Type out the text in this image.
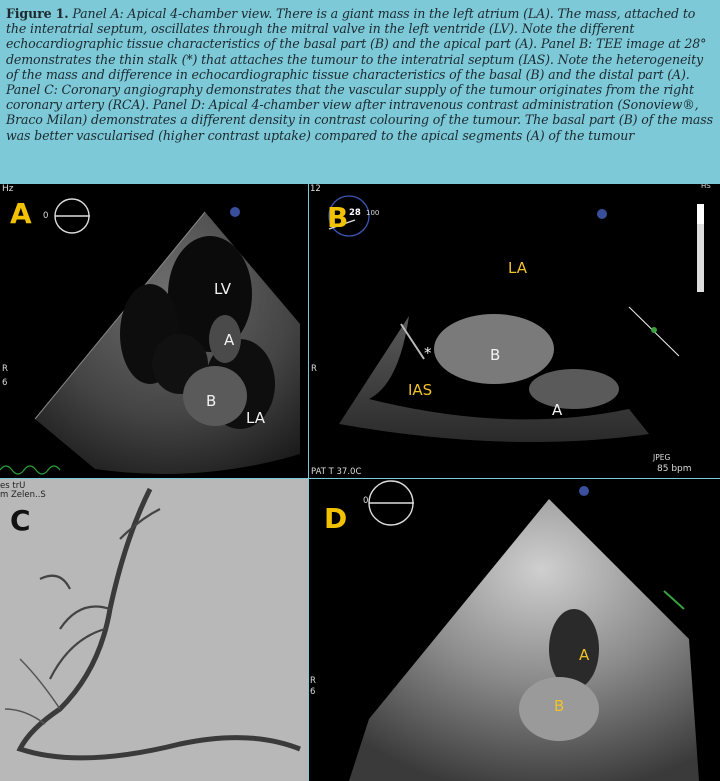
Figure 1. Panel A: Apical 4-chamber view. There is a giant mass in the left atrium (LA). The mass, attached to the interatrial septum, oscillates through the mitral valve in the left ventride (LV). Note the different echocardiographic tissue characteristics of the basal part (B) and the apical part (A). Panel B: TEE image at 28° demonstrates the thin stalk (*) that attaches the tumour to the interatrial septum (IAS). Note the heterogeneity of the mass and difference in echocardiographic tissue characteristics of the basal (B) and the distal part (A). Panel C: Coronary angiography demonstrates that the vascular supply of the tumour originates from the right coronary artery (RCA). Panel D: Apical 4-chamber view after intravenous contrast administration (Sonoview®, Braco Milan) demonstrates a different density in contrast colouring of the tumour. The basal part (B) of the mass was better vascularised (higher contrast uptake) compared to the apical segments (A) of the tumour
Hz
A 0
R
6
LV
A
B
LA
R
12	HS
B 28 100
LA
*	B
IAS
A
JPEG
PAT T 37.0C	85 bpm
es trU
m Zelen..S
C	D
0
R
6
A
B
